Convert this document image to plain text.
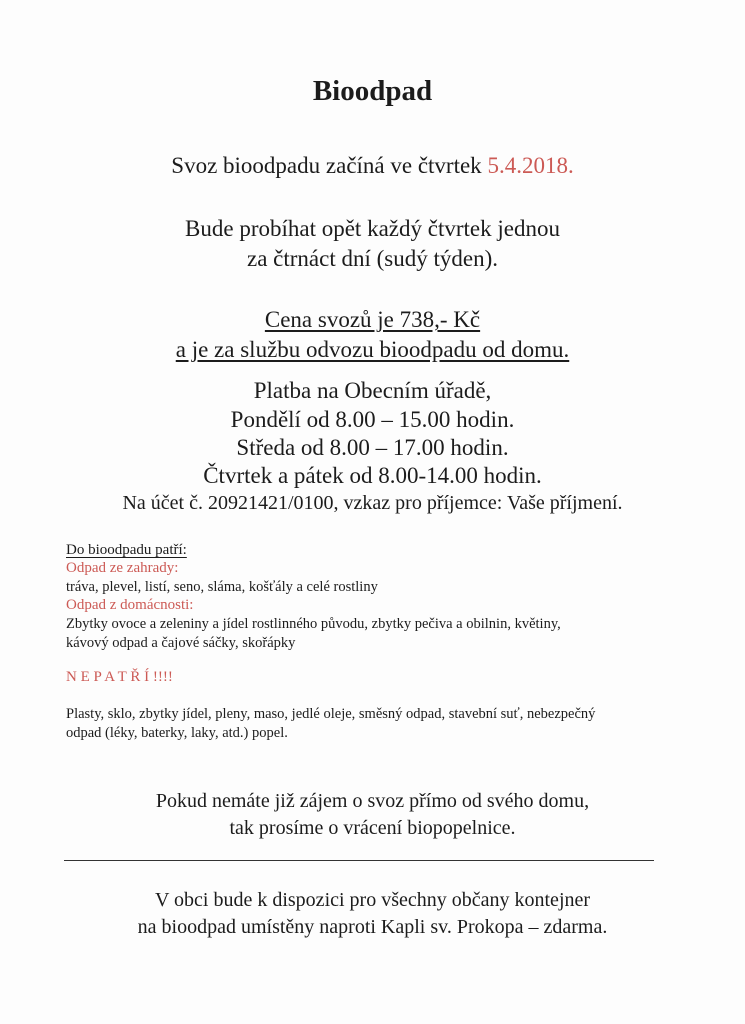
Bioodpad
Svoz bioodpadu začíná ve čtvrtek 5.4.2018.
Bude probíhat opět každý čtvrtek jednou
za čtrnáct dní (sudý týden).
Cena svozů je 738,- Kč
a je za službu odvozu bioodpadu od domu.
Platba na Obecním úřadě,
Pondělí od 8.00 – 15.00 hodin.
Středa od 8.00 – 17.00 hodin.
Čtvrtek a pátek od 8.00-14.00 hodin.
Na účet č. 20921421/0100, vzkaz pro příjemce: Vaše příjmení.
Do bioodpadu patří:
Odpad ze zahrady:
tráva, plevel, listí, seno, sláma, košťály a celé rostliny
Odpad z domácnosti:
Zbytky ovoce a zeleniny a jídel rostlinného původu, zbytky pečiva a obilnin, květiny,
kávový odpad a čajové sáčky, skořápky
N E P A T Ř Í !!!!
Plasty, sklo, zbytky jídel, pleny, maso, jedlé oleje, směsný odpad, stavební suť, nebezpečný
odpad (léky, baterky, laky, atd.) popel.
Pokud nemáte již zájem o svoz přímo od svého domu,
tak prosíme o vrácení biopopelnice.
V obci bude k dispozici pro všechny občany kontejner
na bioodpad umístěny naproti Kapli sv. Prokopa – zdarma.
